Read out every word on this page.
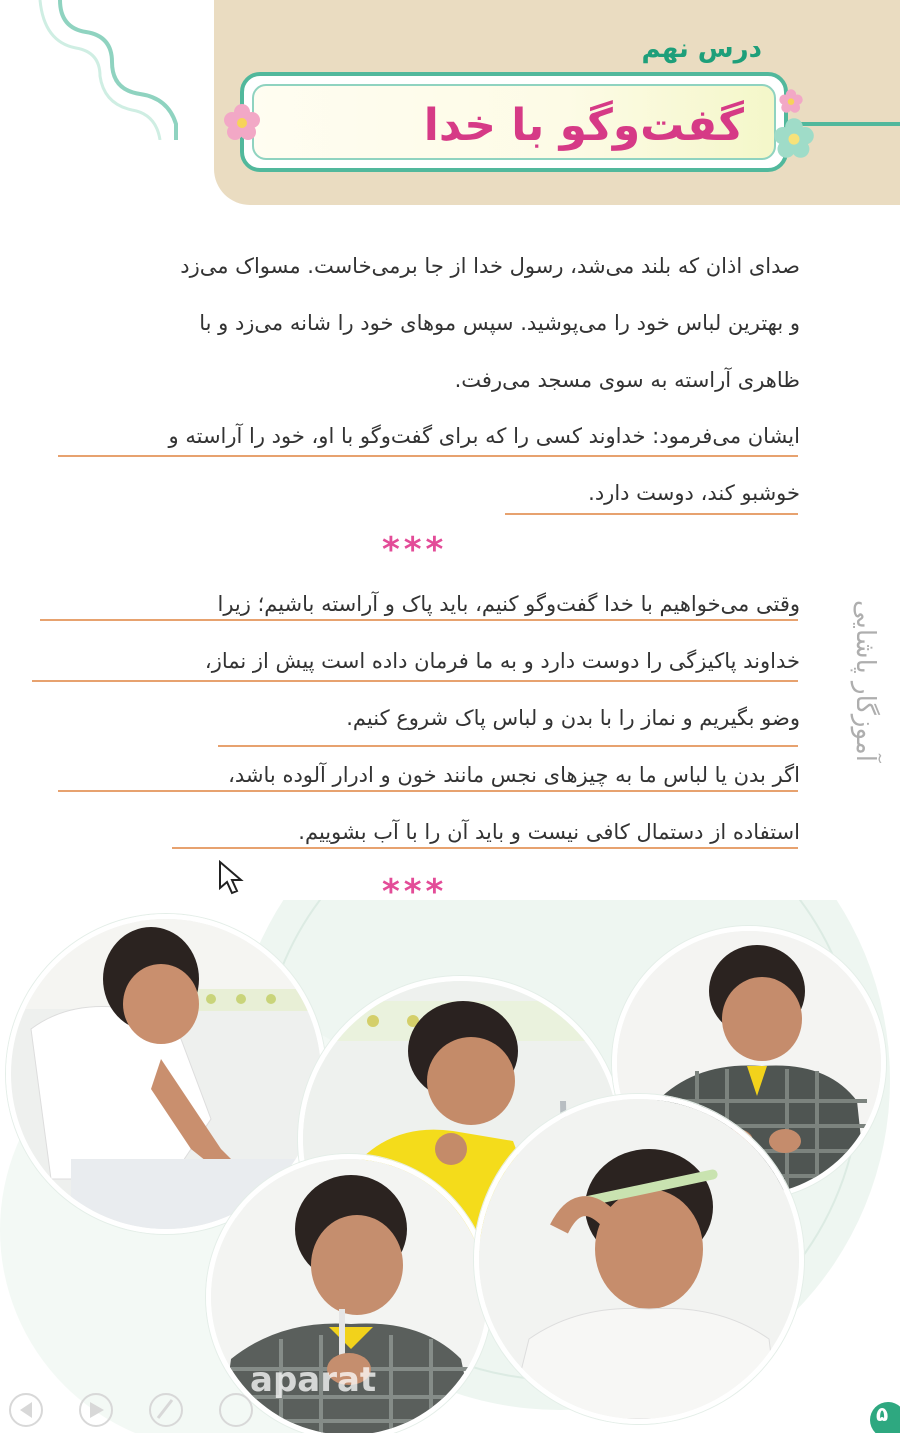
درس نهم
گفت‌وگو با خدا
صدای اذان که بلند می‌شد، رسول خدا از جا برمی‌خاست. مسواک می‌زد
و بهترین لباس خود را می‌پوشید. سپس موهای خود را شانه می‌زد و با
ظاهری آراسته به سوی مسجد می‌رفت.
ایشان می‌فرمود: خداوند کسی را که برای گفت‌وگو با او، خود را آراسته و
خوشبو کند، دوست دارد.
***
وقتی می‌خواهیم با خدا گفت‌وگو کنیم، باید پاک و آراسته باشیم؛ زیرا
خداوند پاکیزگی را دوست دارد و به ما فرمان داده است پیش از نماز،
وضو بگیریم و نماز را با بدن و لباس پاک شروع کنیم.
اگر بدن یا لباس ما به چیزهای نجس مانند خون و ادرار آلوده باشد،
استفاده از دستمال کافی نیست و باید آن را با آب بشوییم.
***
آموزگار پاشایی
۵
aparat
